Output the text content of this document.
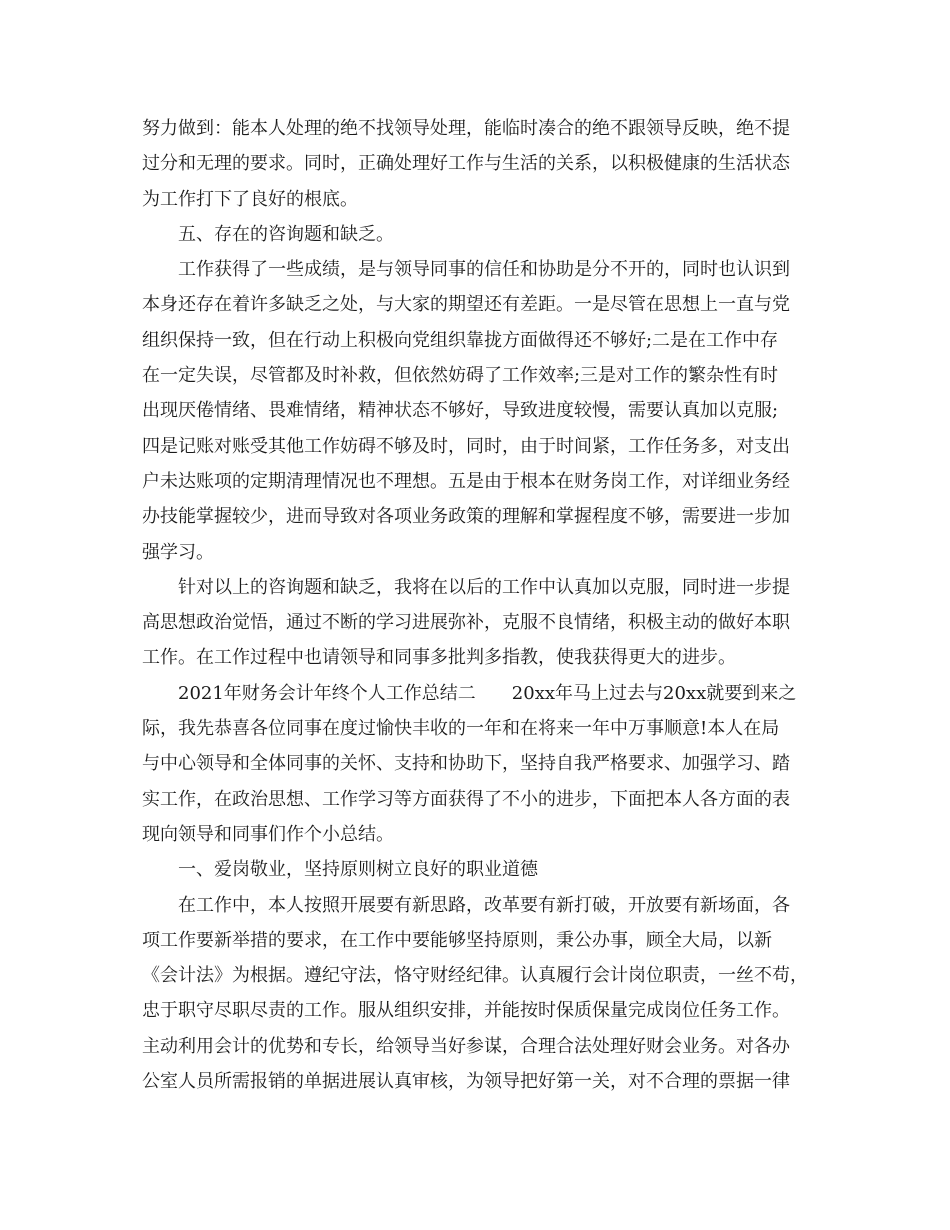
努力做到：能本人处理的绝不找领导处理，能临时凑合的绝不跟领导反映，绝不提
过分和无理的要求。同时，正确处理好工作与生活的关系，以积极健康的生活状态
为工作打下了良好的根底。
五、存在的咨询题和缺乏。
工作获得了一些成绩，是与领导同事的信任和协助是分不开的，同时也认识到
本身还存在着许多缺乏之处，与大家的期望还有差距。一是尽管在思想上一直与党
组织保持一致，但在行动上积极向党组织靠拢方面做得还不够好;二是在工作中存
在一定失误，尽管都及时补救，但依然妨碍了工作效率;三是对工作的繁杂性有时
出现厌倦情绪、畏难情绪，精神状态不够好，导致进度较慢，需要认真加以克服;
四是记账对账受其他工作妨碍不够及时，同时，由于时间紧，工作任务多，对支出
户未达账项的定期清理情况也不理想。五是由于根本在财务岗工作，对详细业务经
办技能掌握较少，进而导致对各项业务政策的理解和掌握程度不够，需要进一步加
强学习。
针对以上的咨询题和缺乏，我将在以后的工作中认真加以克服，同时进一步提
高思想政治觉悟，通过不断的学习进展弥补，克服不良情绪，积极主动的做好本职
工作。在工作过程中也请领导和同事多批判多指教，使我获得更大的进步。
2021年财务会计年终个人工作总结二　　20xx年马上过去与20xx就要到来之
际，我先恭喜各位同事在度过愉快丰收的一年和在将来一年中万事顺意!本人在局
与中心领导和全体同事的关怀、支持和协助下，坚持自我严格要求、加强学习、踏
实工作，在政治思想、工作学习等方面获得了不小的进步，下面把本人各方面的表
现向领导和同事们作个小总结。
一、爱岗敬业，坚持原则树立良好的职业道德
在工作中，本人按照开展要有新思路，改革要有新打破，开放要有新场面，各
项工作要新举措的要求，在工作中要能够坚持原则，秉公办事，顾全大局，以新
《会计法》为根据。遵纪守法，恪守财经纪律。认真履行会计岗位职责，一丝不苟，
忠于职守尽职尽责的工作。服从组织安排，并能按时保质保量完成岗位任务工作。
主动利用会计的优势和专长，给领导当好参谋，合理合法处理好财会业务。对各办
公室人员所需报销的单据进展认真审核，为领导把好第一关，对不合理的票据一律
